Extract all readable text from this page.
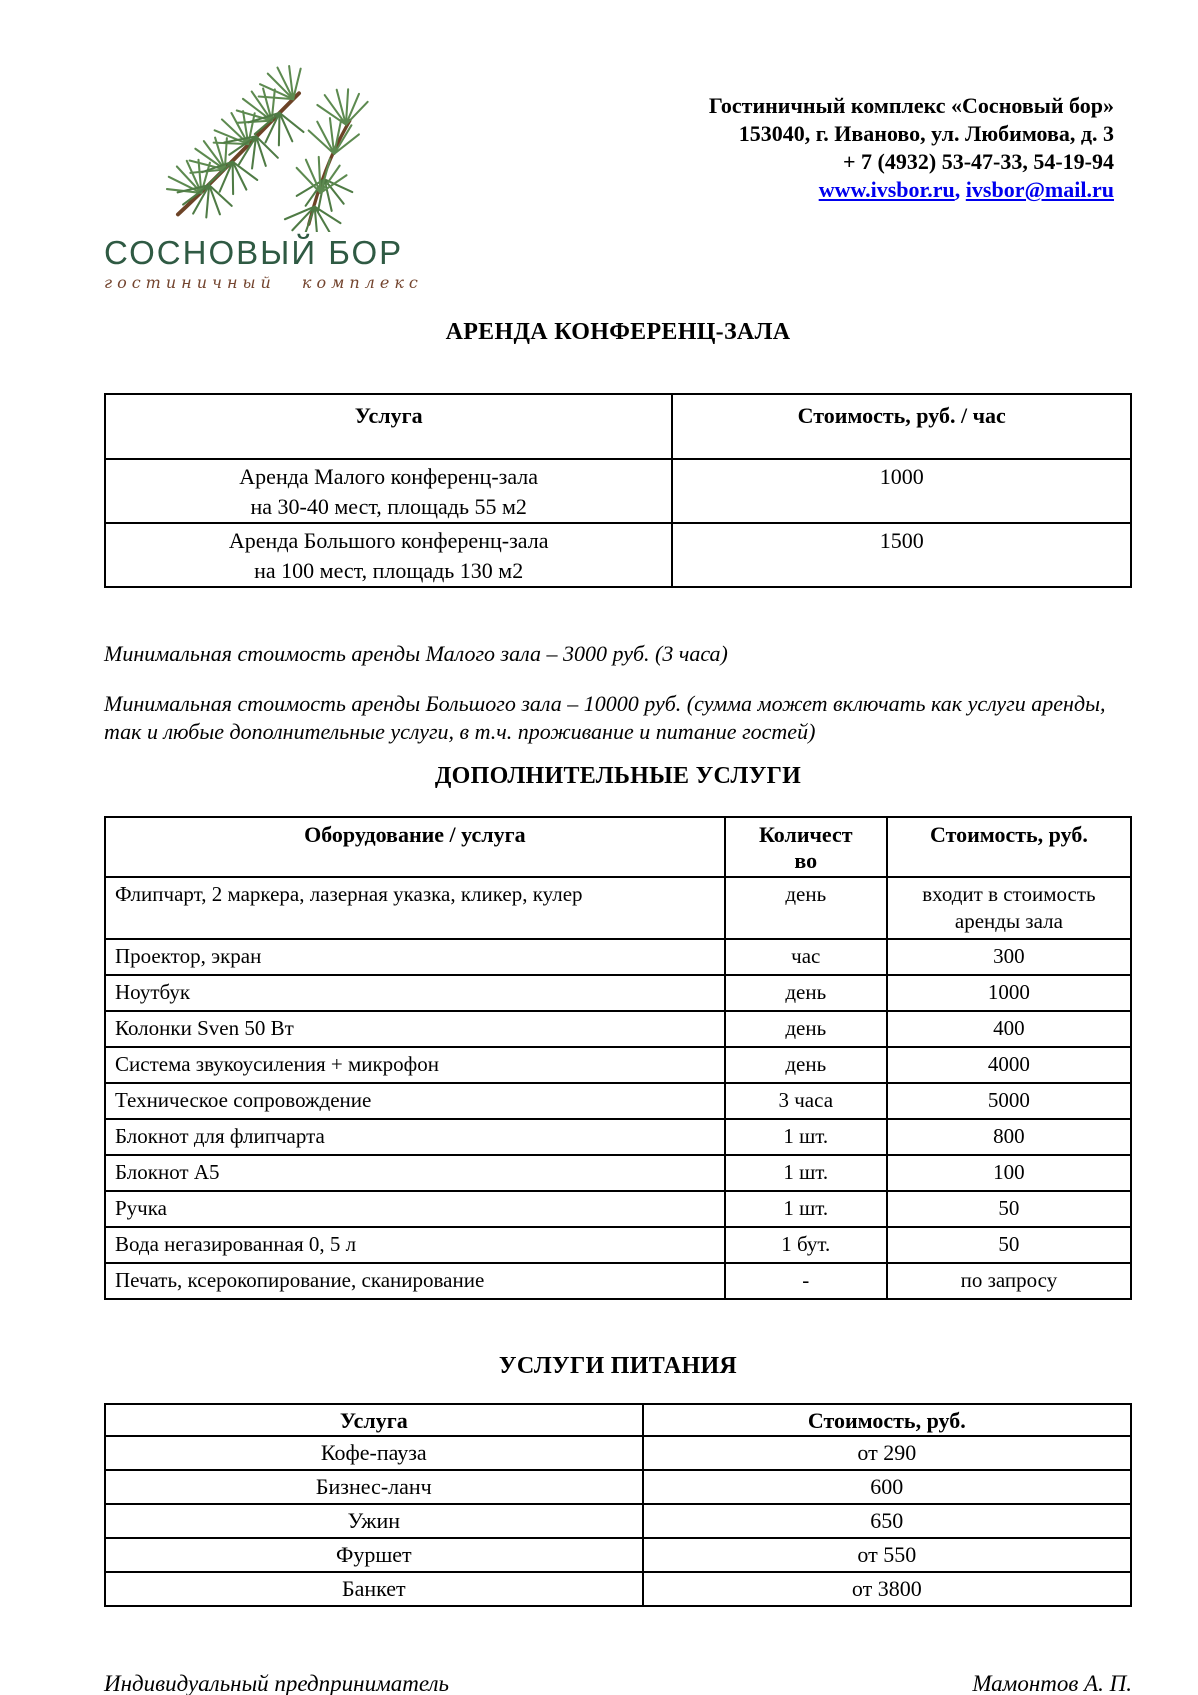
СОСНОВЫЙ БОР
гостиничный комплекс
Гостиничный комплекс «Сосновый бор»
153040, г. Иваново, ул. Любимова, д. 3
+ 7 (4932) 53-47-33, 54-19-94
www.ivsbor.ru, ivsbor@mail.ru
АРЕНДА КОНФЕРЕНЦ-ЗАЛА
Услуга	Стоимость, руб. / час

Аренда Малого конференц-зала
на 30-40 мест, площадь 55 м2	1000

Аренда Большого конференц-зала
на 100 мест, площадь 130 м2	1500
Минимальная стоимость аренды Малого зала – 3000 руб. (3 часа)
Минимальная стоимость аренды Большого зала – 10000 руб. (сумма может включать как услуги аренды, так и любые дополнительные услуги, в т.ч. проживание и питание гостей)
ДОПОЛНИТЕЛЬНЫЕ УСЛУГИ
Оборудование / услуга	Количество	Стоимость, руб.
Флипчарт, 2 маркера, лазерная указка, кликер, кулер	день	входит в стоимость аренды зала
Проектор, экран	час	300
Ноутбук	день	1000
Колонки Sven 50 Вт	день	400
Система звукоусиления + микрофон	день	4000
Техническое сопровождение	3 часа	5000
Блокнот для флипчарта	1 шт.	800
Блокнот А5	1 шт.	100
Ручка	1 шт.	50
Вода негазированная 0, 5 л	1 бут.	50
Печать, ксерокопирование, сканирование	-	по запросу
УСЛУГИ ПИТАНИЯ
Услуга	Стоимость, руб.
Кофе-пауза	от 290
Бизнес-ланч	600
Ужин	650
Фуршет	от 550
Банкет	от 3800
Индивидуальный предприниматель	Мамонтов А. П.
